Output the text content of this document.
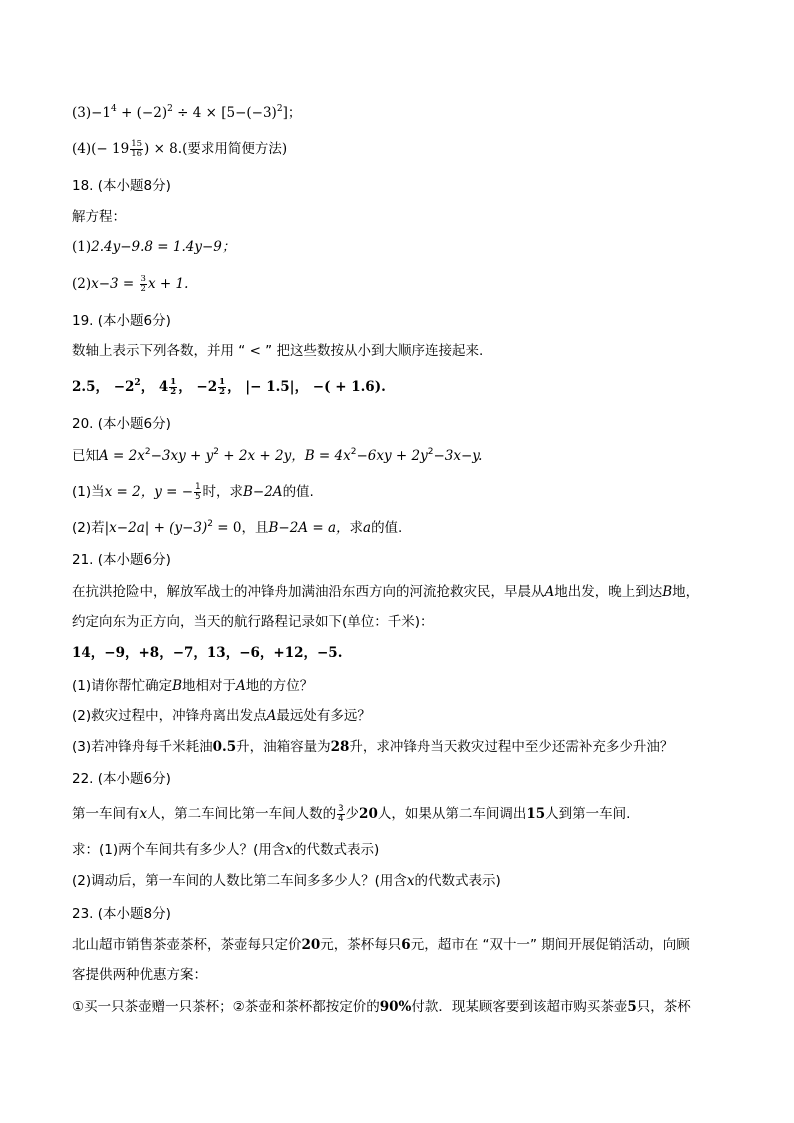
$(3)-1^4 + (-2)^2 \div 4 \times [5-(-3)^2]$；
$(4)(- 19 \frac{15}{16}$ ) × 8.(要求用简便方法)
18. (本小题8分)
解方程：
(1)2.4y−9.8 = 1.4y−9；
$(2)x-3 = \frac{3}{2}$ x + 1.
19. (本小题6分)
数轴上表示下列各数，并用 “ < ” 把这些数按从小到大顺序连接起来.
2.5， $-2^2$， $4 \frac{1}{2}$ ， $-2 \frac{1}{2}$ ， |− 1.5|， −( + 1.6).
20. (本小题6分)
已知$A = 2x^2-3xy + y^2 + 2x + 2y$，$B = 4x^2-6xy + 2y^2-3x-y$.
(1)当x = 2，y = − $\frac{1}{5}$ 时，求B−2A的值.
(2)若$|x-2a| + (y-3)^2 = 0$，且B−2A = a，求a的值.
21. (本小题6分)
在抗洪抢险中，解放军战士的冲锋舟加满油沿东西方向的河流抢救灾民，早晨从A地出发，晚上到达B地，
约定向东为正方向，当天的航行路程记录如下(单位：千米)：
14，−9，+8，−7，13，−6，+12，−5.
(1)请你帮忙确定B地相对于A地的方位？
(2)救灾过程中，冲锋舟离出发点A最远处有多远？
(3)若冲锋舟每千米耗油0.5升，油箱容量为28升，求冲锋舟当天救灾过程中至少还需补充多少升油？
22. (本小题6分)
第一车间有x人，第二车间比第一车间人数的 $\frac{3}{4}$ 少20人，如果从第二车间调出15人到第一车间.
求：(1)两个车间共有多少人？(用含x的代数式表示)
(2)调动后，第一车间的人数比第二车间多多少人？(用含x的代数式表示)
23. (本小题8分)
北山超市销售茶壶茶杯，茶壶每只定价20元，茶杯每只6元，超市在 “双十一” 期间开展促销活动，向顾
客提供两种优惠方案：
①买一只茶壶赠一只茶杯；②茶壶和茶杯都按定价的90%付款．现某顾客要到该超市购买茶壶5只，茶杯
